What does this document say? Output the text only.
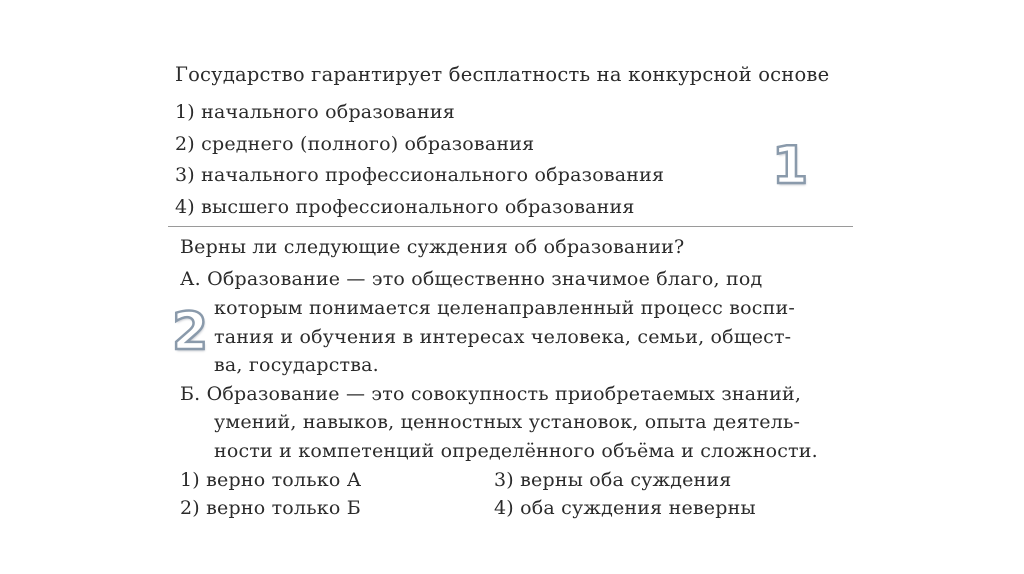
Государство гарантирует бесплатность на конкурсной основе
1) начального образования
2) среднего (полного) образования
3) начального профессионального образования
4) высшего профессионального образования
1
Верны ли следующие суждения об образовании?
А. Образование — это общественно значимое благо, под
которым понимается целенаправленный процесс воспи-
тания и обучения в интересах человека, семьи, общест-
ва, государства.
Б. Образование — это совокупность приобретаемых знаний,
умений, навыков, ценностных установок, опыта деятель-
ности и компетенций определённого объёма и сложности.
1) верно только А	3) верны оба суждения
2) верно только Б	4) оба суждения неверны
2
